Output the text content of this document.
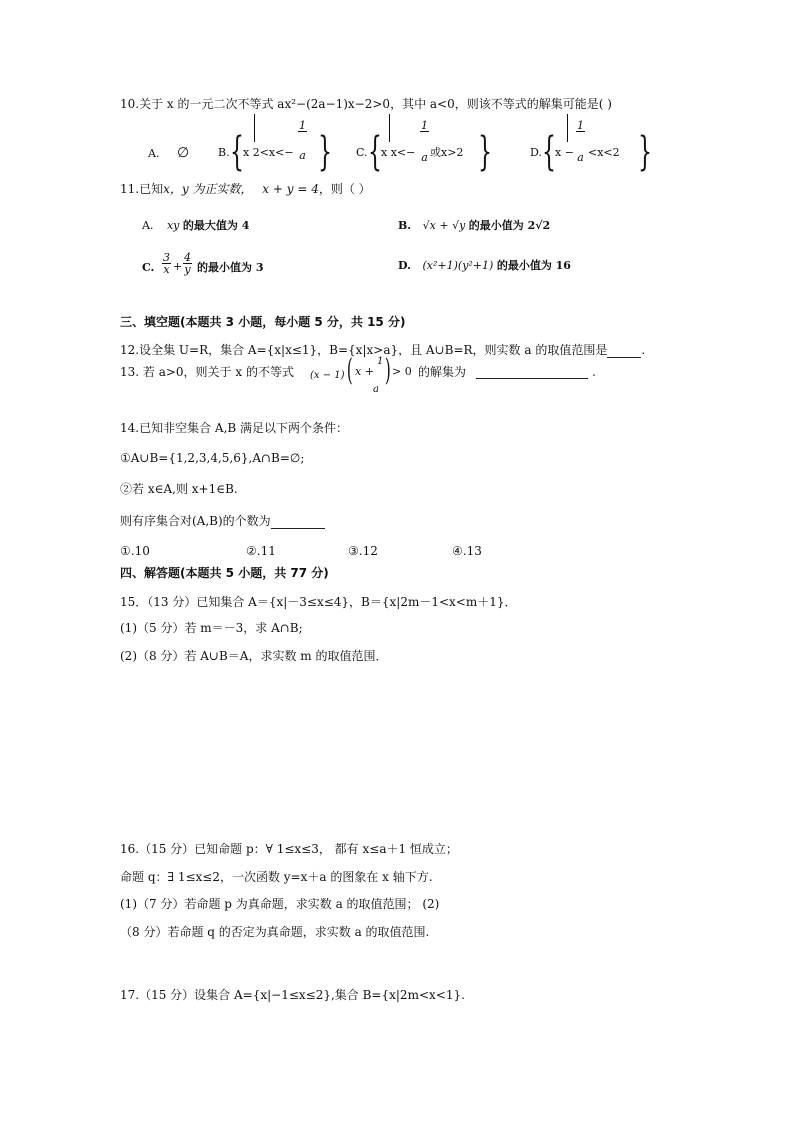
10.关于 x 的一元二次不等式 ax²−(2a−1)x−2>0，其中 a<0，则该不等式的解集可能是( )
A. ∅	B. { x $2<x<- \frac{1}{a}$ } C. { x $x<- \frac{1}{a}$ 或x>2 }	D. { $x - \frac{1}{a} <x<2$ }
11.已知x，y 为正实数， x + y = 4，则（ ）
A. xy 的最大值为 4	B. √x + √y 的最小值为 2√2
C. $\frac{3}{x} + \frac{4}{y}$ 的最小值为 3	D. (x²+1)(y²+1) 的最小值为 16
三、填空题(本题共 3 小题，每小题 5 分，共 15 分)
12.设全集 U=R，集合 A={x|x≤1}，B={x|x>a}，且 A∪B=R，则实数 a 的取值范围是	.
13. 若 a>0，则关于 x 的不等式 (x − 1) ( x +
1
a
) > 0 的解集为	.
14.已知非空集合 A,B 满足以下两个条件：
①A∪B={1,2,3,4,5,6},A∩B=∅;
②若 x∈A,则 x+1∈B.
则有序集合对(A,B)的个数为
①.10	②.11	③.12	④.13
四、解答题(本题共 5 小题，共 77 分)
15．（13 分）已知集合 A＝{x|－3≤x≤4}，B＝{x|2m－1<x<m＋1}．
(1)（5 分）若 m＝－3，求 A∩B;
(2)（8 分）若 A∪B＝A，求实数 m 的取值范围．
16.（15 分）已知命题 p：∀ 1≤x≤3， 都有 x≤a＋1 恒成立；
命题 q：∃ 1≤x≤2，一次函数 y=x＋a 的图象在 x 轴下方.
(1)（7 分）若命题 p 为真命题，求实数 a 的取值范围； (2)
（8 分）若命题 q 的否定为真命题，求实数 a 的取值范围.
17.（15 分）设集合 A={x|−1≤x≤2},集合 B={x|2m<x<1}.
